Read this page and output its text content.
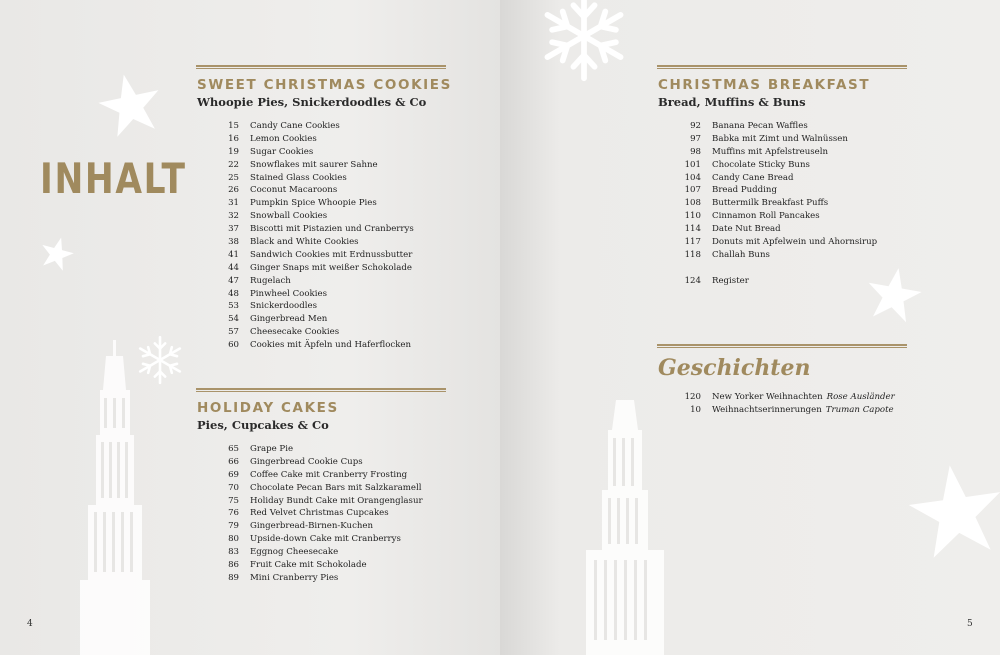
INHALT
SWEET CHRISTMAS COOKIES
Whoopie Pies, Snickerdoodles & Co
15 Candy Cane Cookies
16 Lemon Cookies
19 Sugar Cookies
22 Snowflakes mit saurer Sahne
25 Stained Glass Cookies
26 Coconut Macaroons
31 Pumpkin Spice Whoopie Pies
32 Snowball Cookies
37 Biscotti mit Pistazien und Cranberrys
38 Black and White Cookies
41 Sandwich Cookies mit Erdnussbutter
44 Ginger Snaps mit weißer Schokolade
47 Rugelach
48 Pinwheel Cookies
53 Snickerdoodles
54 Gingerbread Men
57 Cheesecake Cookies
60 Cookies mit Äpfeln und Haferflocken
HOLIDAY CAKES
Pies, Cupcakes & Co
65 Grape Pie
66 Gingerbread Cookie Cups
69 Coffee Cake mit Cranberry Frosting
70 Chocolate Pecan Bars mit Salzkaramell
75 Holiday Bundt Cake mit Orangenglasur
76 Red Velvet Christmas Cupcakes
79 Gingerbread-Birnen-Kuchen
80 Upside-down Cake mit Cranberrys
83 Eggnog Cheesecake
86 Fruit Cake mit Schokolade
89 Mini Cranberry Pies

4

CHRISTMAS BREAKFAST
Bread, Muffins & Buns
92 Banana Pecan Waffles
97 Babka mit Zimt und Walnüssen
98 Muffins mit Apfelstreuseln
101 Chocolate Sticky Buns
104 Candy Cane Bread
107 Bread Pudding
108 Buttermilk Breakfast Puffs
110 Cinnamon Roll Pancakes
114 Date Nut Bread
117 Donuts mit Apfelwein und Ahornsirup
118 Challah Buns
124 Register
Geschichten
120 New Yorker Weihnachten Rose Ausländer
10 Weihnachtserinnerungen Truman Capote

5
